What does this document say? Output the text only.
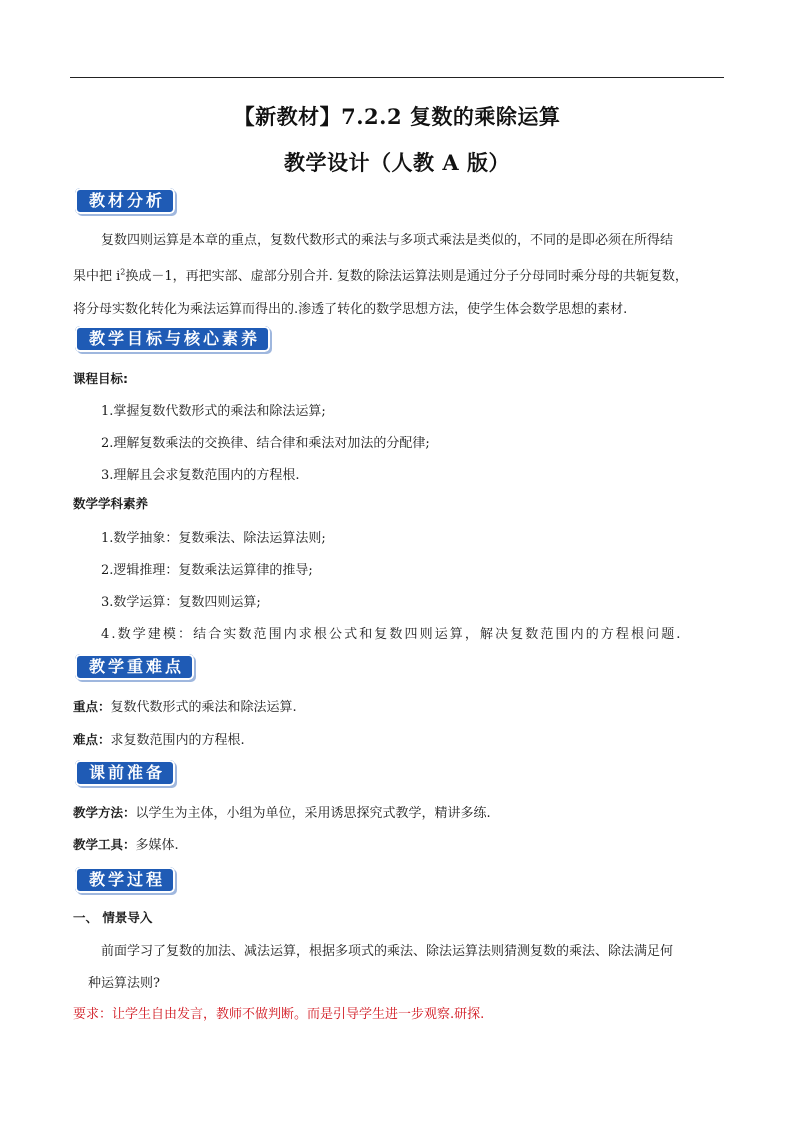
【新教材】7.2.2 复数的乘除运算
教学设计（人教 A 版）
教材分析
复数四则运算是本章的重点，复数代数形式的乘法与多项式乘法是类似的，不同的是即必须在所得结
果中把 $i^2$换成－1，再把实部、虚部分别合并. 复数的除法运算法则是通过分子分母同时乘分母的共轭复数，
将分母实数化转化为乘法运算而得出的.渗透了转化的数学思想方法，使学生体会数学思想的素材.
教学目标与核心素养
课程目标:
1.掌握复数代数形式的乘法和除法运算;
2.理解复数乘法的交换律、结合律和乘法对加法的分配律;
3.理解且会求复数范围内的方程根.
数学学科素养
1.数学抽象：复数乘法、除法运算法则;
2.逻辑推理：复数乘法运算律的推导;
3.数学运算：复数四则运算;
4.数学建模：结合实数范围内求根公式和复数四则运算，解决复数范围内的方程根问题.
教学重难点
重点：复数代数形式的乘法和除法运算.
难点：求复数范围内的方程根.
课前准备
教学方法：以学生为主体，小组为单位，采用诱思探究式教学，精讲多练.
教学工具：多媒体.
教学过程
一、 情景导入
前面学习了复数的加法、减法运算，根据多项式的乘法、除法运算法则猜测复数的乘法、除法满足何
种运算法则?
要求：让学生自由发言，教师不做判断。而是引导学生进一步观察.研探.
